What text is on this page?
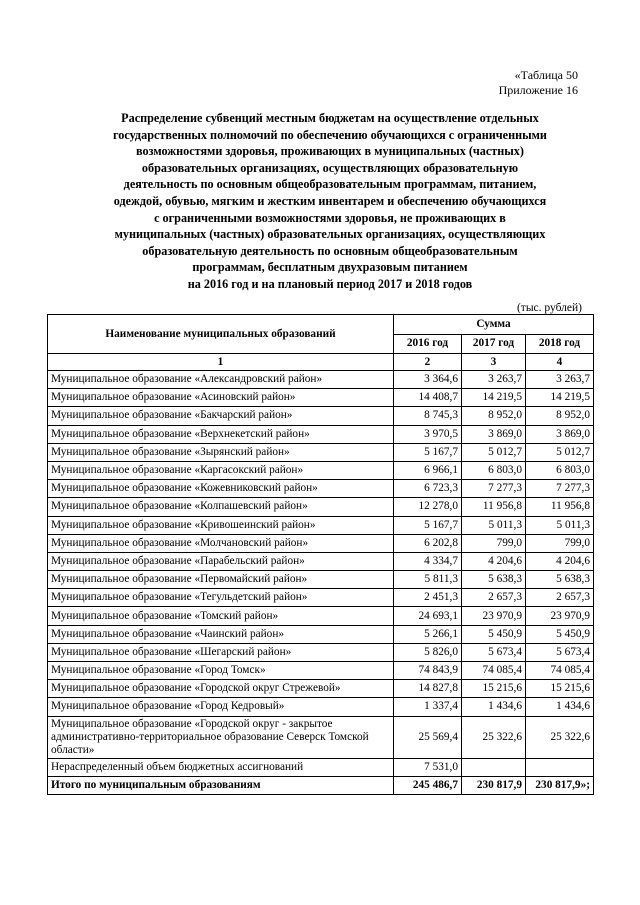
«Таблица 50
Приложение 16
Распределение субвенций местным бюджетам на осуществление отдельных
государственных полномочий по обеспечению обучающихся с ограниченными
возможностями здоровья, проживающих в муниципальных (частных)
образовательных организациях, осуществляющих образовательную
деятельность по основным общеобразовательным программам, питанием,
одеждой, обувью, мягким и жестким инвентарем и обеспечению обучающихся
с ограниченными возможностями здоровья, не проживающих в
муниципальных (частных) образовательных организациях, осуществляющих
образовательную деятельность по основным общеобразовательным
программам, бесплатным двухразовым питанием
на 2016 год и на плановый период 2017 и 2018 годов
(тыс. рублей)
Наименование муниципальных образований	Сумма		
	2016 год	2017 год	2018 год
1	2	3	4
Муниципальное образование «Александровский район»	3 364,6	3 263,7	3 263,7
Муниципальное образование «Асиновский район»	14 408,7	14 219,5	14 219,5
Муниципальное образование «Бакчарский район»	8 745,3	8 952,0	8 952,0
Муниципальное образование «Верхнекетский район»	3 970,5	3 869,0	3 869,0
Муниципальное образование «Зырянский район»	5 167,7	5 012,7	5 012,7
Муниципальное образование «Каргасокский район»	6 966,1	6 803,0	6 803,0
Муниципальное образование «Кожевниковский район»	6 723,3	7 277,3	7 277,3
Муниципальное образование «Колпашевский район»	12 278,0	11 956,8	11 956,8
Муниципальное образование «Кривошеинский район»	5 167,7	5 011,3	5 011,3
Муниципальное образование «Молчановский район»	6 202,8	799,0	799,0
Муниципальное образование «Парабельский район»	4 334,7	4 204,6	4 204,6
Муниципальное образование «Первомайский район»	5 811,3	5 638,3	5 638,3
Муниципальное образование «Тегульдетский район»	2 451,3	2 657,3	2 657,3
Муниципальное образование «Томский район»	24 693,1	23 970,9	23 970,9
Муниципальное образование «Чаинский район»	5 266,1	5 450,9	5 450,9
Муниципальное образование «Шегарский район»	5 826,0	5 673,4	5 673,4
Муниципальное образование «Город Томск»	74 843,9	74 085,4	74 085,4
Муниципальное образование «Городской округ Стрежевой»	14 827,8	15 215,6	15 215,6
Муниципальное образование «Город Кедровый»	1 337,4	1 434,6	1 434,6
Муниципальное образование «Городской округ - закрытое административно-территориальное образование Северск Томской области»	25 569,4	25 322,6	25 322,6
Нераспределенный объем бюджетных ассигнований	7 531,0		
Итого по муниципальным образованиям	245 486,7	230 817,9	230 817,9»;
